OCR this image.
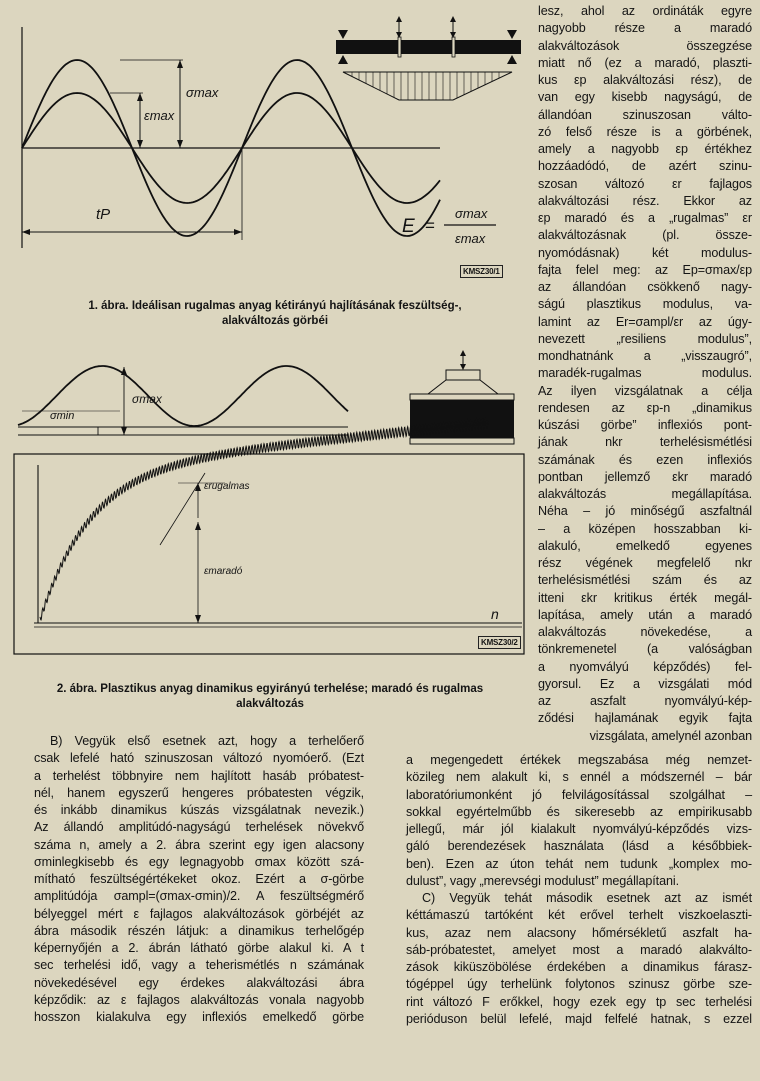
σmax
εmax
tP
E =
σmax
εmax
KMSZ30/1
1. ábra. Ideálisan rugalmas anyag kétirányú hajlításának feszültség-,
alakváltozás görbéi
σmax
σmin
εrugalmas
εmaradó
n
KMSZ30/2
2. ábra. Plasztikus anyag dinamikus egyirányú terhelése; maradó és rugalmas
alakváltozás
lesz, ahol az ordináták egyre
nagyobb része a maradó
alakváltozások összegzése
miatt nő (ez a maradó, plaszti-
kus εp alakváltozási rész), de
van egy kisebb nagyságú, de
állandóan szinuszosan válto-
zó felső része is a görbének,
amely a nagyobb εp értékhez
hozzáadódó, de azért szinu-
szosan változó εr fajlagos
alakváltozási rész. Ekkor az
εp maradó és a „rugalmas” εr
alakváltozásnak (pl. össze-
nyomódásnak) két modulus-
fajta felel meg: az Ep=σmax/εp
az állandóan csökkenő nagy-
ságú plasztikus modulus, va-
lamint az Er=σampl/εr az úgy-
nevezett „resiliens modulus”,
mondhatnánk a „visszaugró”,
maradék-rugalmas modulus.
Az ilyen vizsgálatnak a célja
rendesen az εp-n „dinamikus
kúszási görbe” inflexiós pont-
jának nkr terhelésismétlési
számának és ezen inflexiós
pontban jellemző εkr maradó
alakváltozás megállapítása.
Néha – jó minőségű aszfaltnál
– a középen hosszabban ki-
alakuló, emelkedő egyenes
rész végének megfelelő nkr
terhelésismétlési szám és az
itteni εkr kritikus érték megál-
lapítása, amely után a maradó
alakváltozás növekedése, a
tönkremenetel (a valóságban
a nyomvályú képződés) fel-
gyorsul. Ez a vizsgálati mód
az aszfalt nyomvályú-kép-
ződési hajlamának egyik fajta
vizsgálata, amelynél azonban
B) Vegyük első esetnek azt, hogy a terhelőerő
csak lefelé ható szinuszosan változó nyomóerő. (Ezt
a terhelést többnyire nem hajlított hasáb próbatest-
nél, hanem egyszerű hengeres próbatesten végzik,
és inkább dinamikus kúszás vizsgálatnak nevezik.)
Az állandó amplitúdó-nagyságú terhelések növekvő
száma n, amely a 2. ábra szerint egy igen alacsony
σminlegkisebb és egy legnagyobb σmax között szá-
mítható feszültségértékeket okoz. Ezért a σ-görbe
amplitúdója σampl=(σmax-σmin)/2. A feszültségmérő
bélyeggel mért ε fajlagos alakváltozások görbéjét az
ábra második részén látjuk: a dinamikus terhelőgép
képernyőjén a 2. ábrán látható görbe alakul ki. A t
sec terhelési idő, vagy a teherismétlés n számának
növekedésével egy érdekes alakváltozási ábra
képződik: az ε fajlagos alakváltozás vonala nagyobb
hosszon kialakulva egy inflexiós emelkedő görbe
a megengedett értékek megszabása még nemzet-
közileg nem alakult ki, s ennél a módszernél – bár
laboratóriumonként jó felvilágosítással szolgálhat –
sokkal egyértelműbb és sikeresebb az empirikusabb
jellegű, már jól kialakult nyomvályú-képződés vizs-
gáló berendezések használata (lásd a későbbiek-
ben). Ezen az úton tehát nem tudunk „komplex mo-
dulust”, vagy „merevségi modulust” megállapítani.
C) Vegyük tehát második esetnek azt az ismét
kéttámaszú tartóként két erővel terhelt viszkoelaszti-
kus, azaz nem alacsony hőmérsékletű aszfalt ha-
sáb-próbatestet, amelyet most a maradó alakválto-
zások kiküszöbölése érdekében a dinamikus fárasz-
tógéppel úgy terhelünk folytonos szinusz görbe sze-
rint változó F erőkkel, hogy ezek egy tp sec terhelési
perióduson belül lefelé, majd felfelé hatnak, s ezzel
